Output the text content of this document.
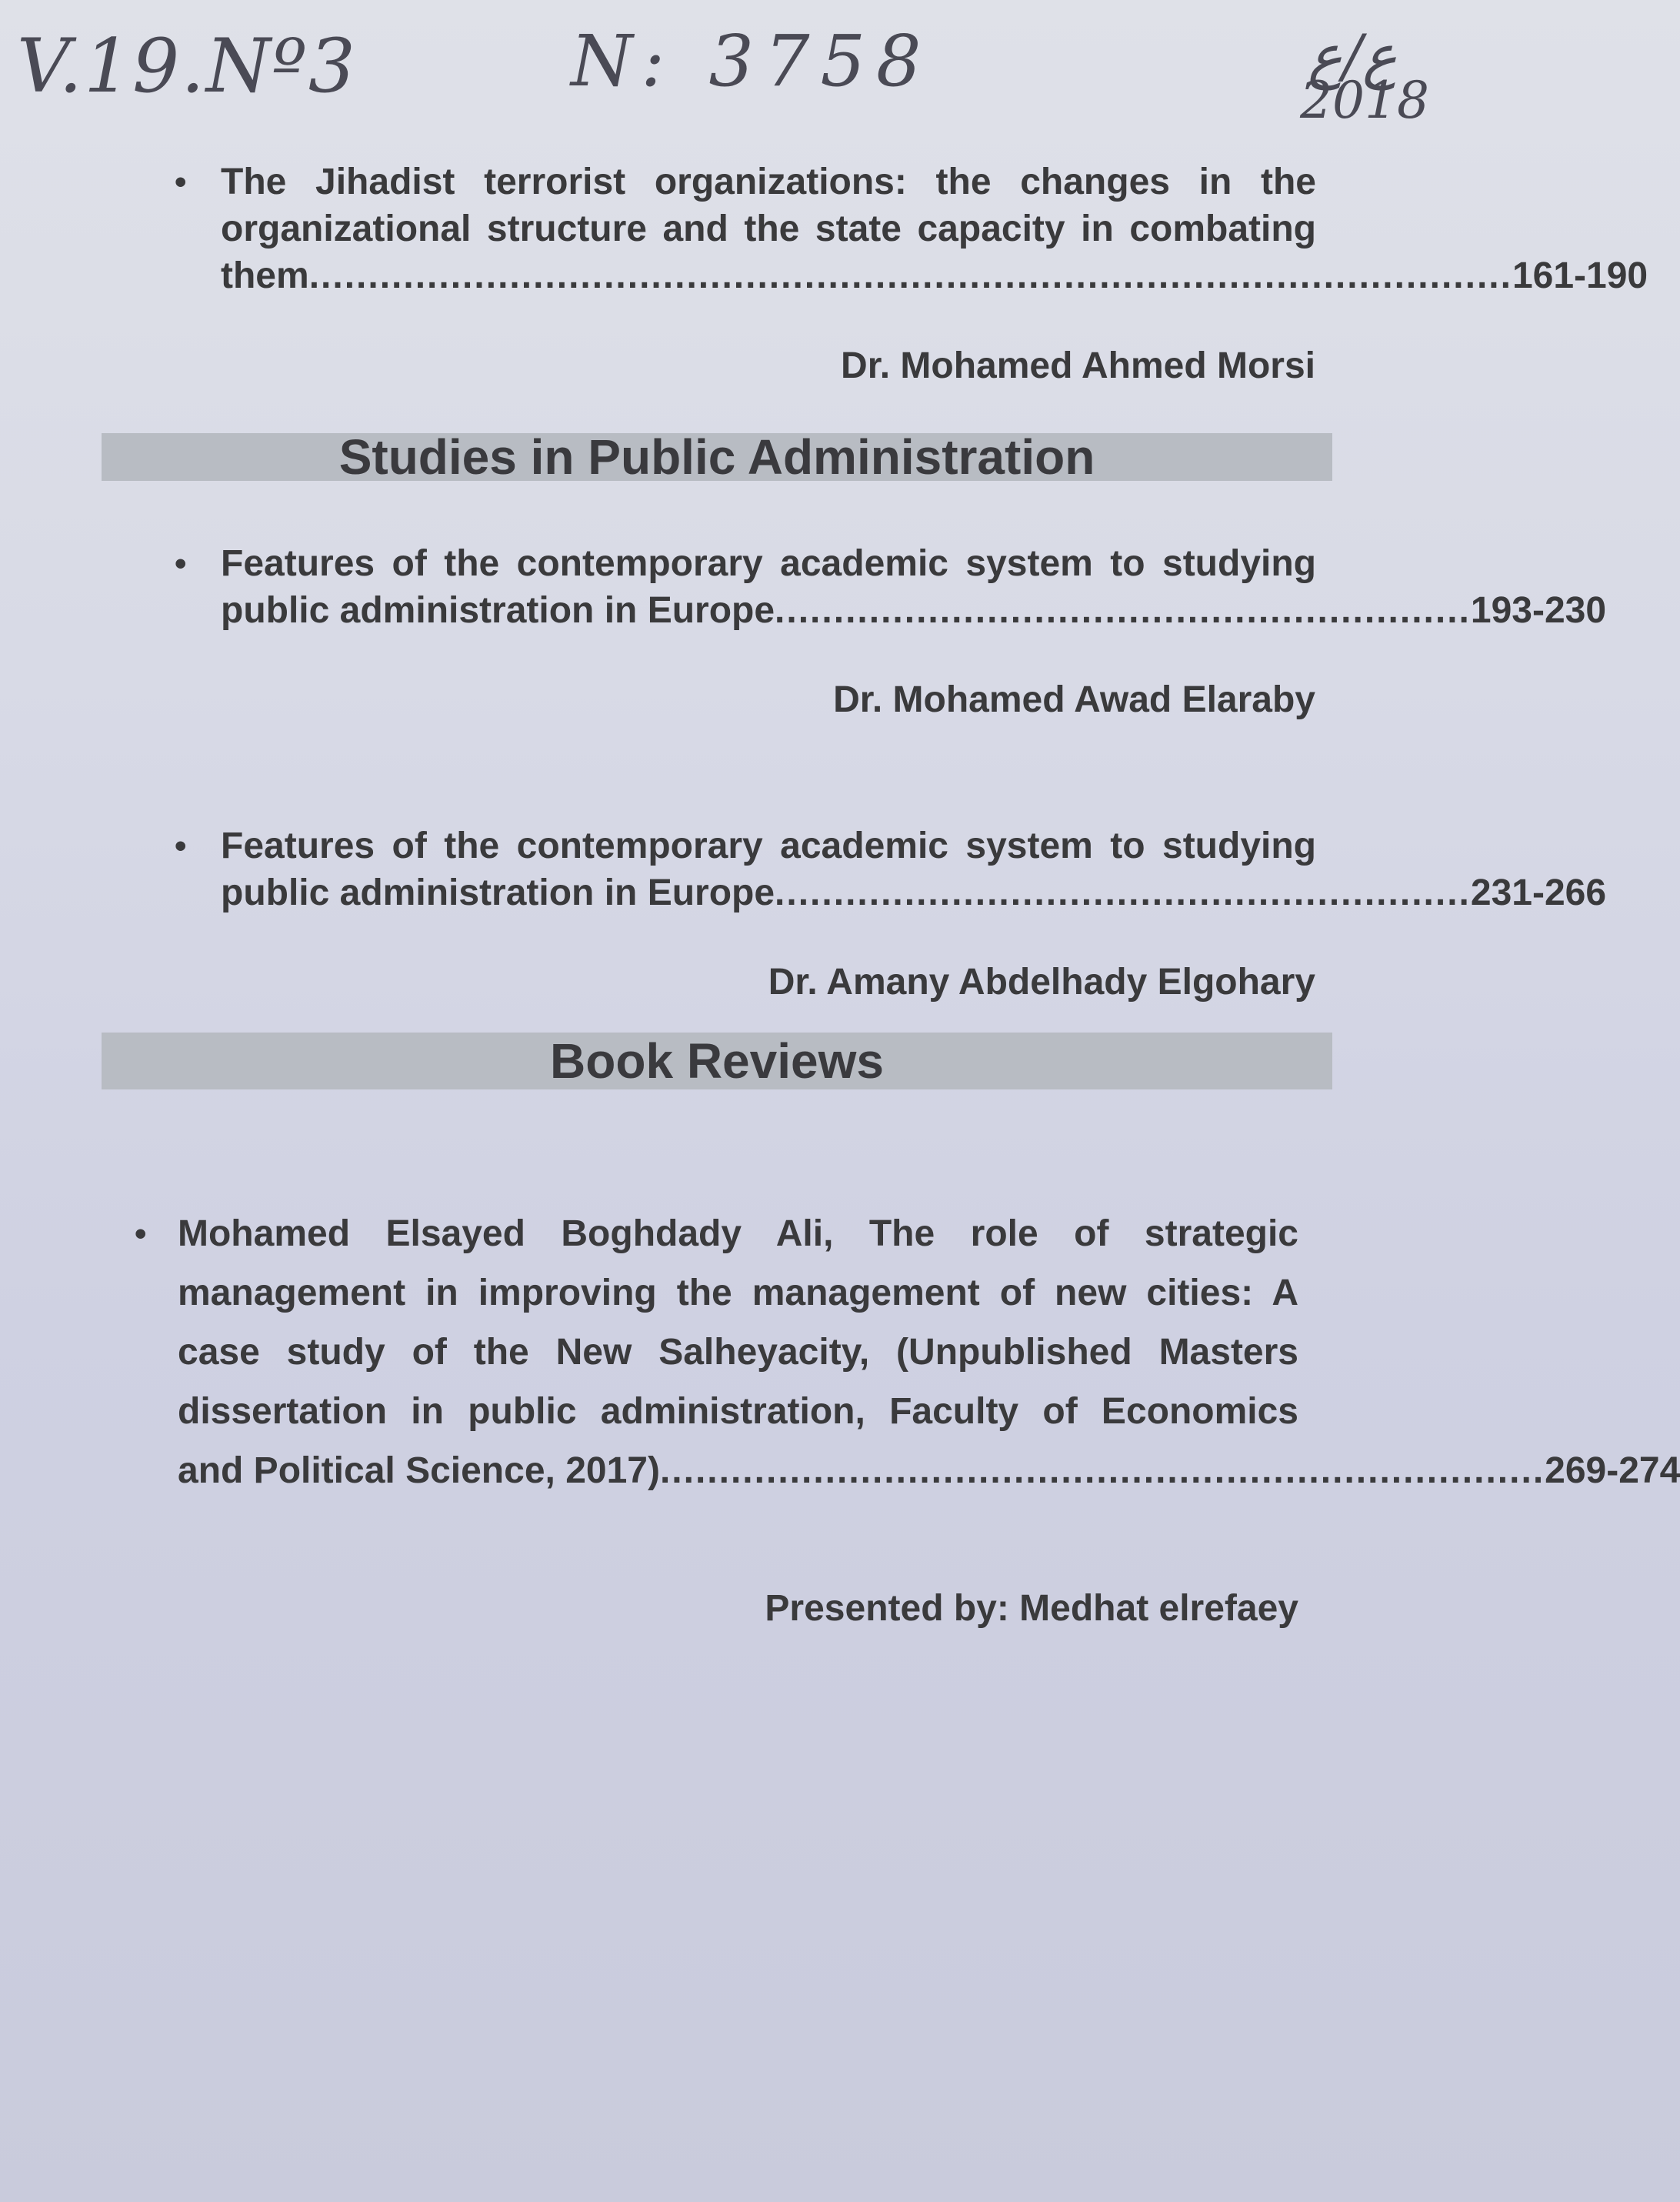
V.19.Nº3	N: 3758	ع/ع
2018
• The Jihadist terrorist organizations: the changes in the
organizational structure and the state capacity in combating
them ...................................................................................................... 161-190
Dr. Mohamed Ahmed Morsi
Studies in Public Administration
• Features of the contemporary academic system to studying
public administration in Europe ........................................................... 193-230
Dr. Mohamed Awad Elaraby
• Features of the contemporary academic system to studying
public administration in Europe ........................................................... 231-266
Dr. Amany Abdelhady Elgohary
Book Reviews
• Mohamed Elsayed Boghdady Ali, The role of strategic
management in improving the management of new cities: A
case study of the New Salheyacity, (Unpublished Masters
dissertation in public administration, Faculty of Economics
and Political Science, 2017) ........................................................................... 269-274
Presented by: Medhat elrefaey
